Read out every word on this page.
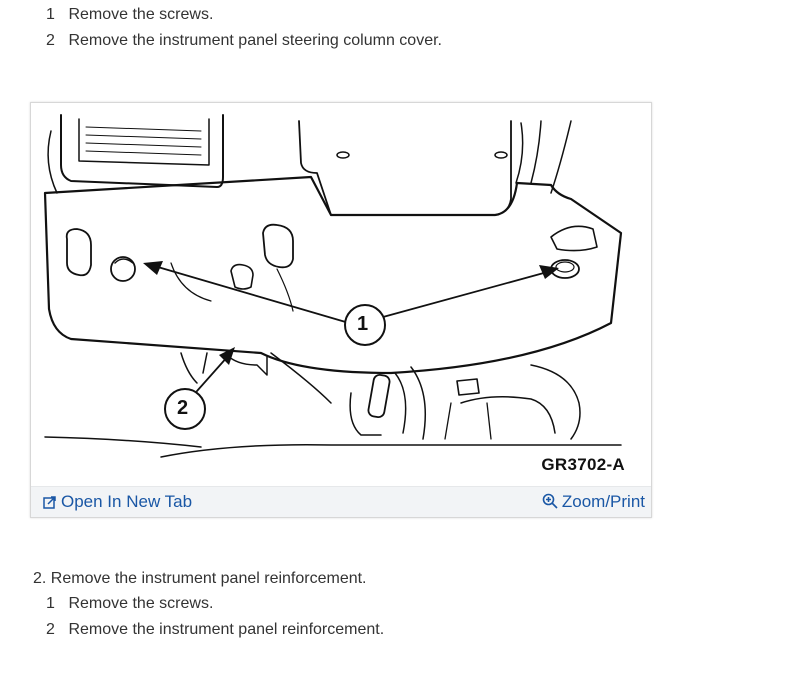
1 Remove the screws.
2 Remove the instrument panel steering column cover.
1
2
GR3702-A
Open In New Tab	Zoom/Print
2. Remove the instrument panel reinforcement.
1 Remove the screws.
2 Remove the instrument panel reinforcement.
